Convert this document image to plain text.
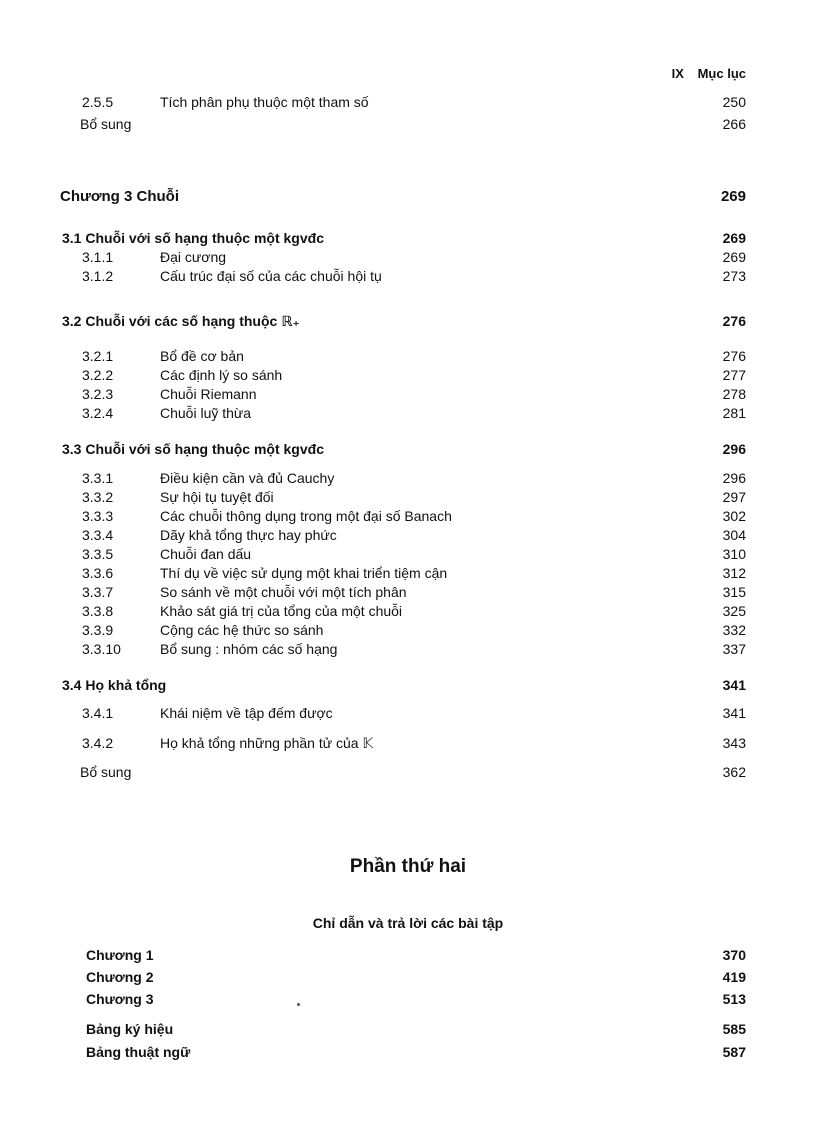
IX Mục lục
2.5.5	Tích phân phụ thuộc một tham số	250
Bổ sung	266
Chương 3 Chuỗi	269
3.1 Chuỗi với số hạng thuộc một kgvđc	269
3.1.1	Đại cương	269
3.1.2	Cấu trúc đại số của các chuỗi hội tụ	273
3.2 Chuỗi với các số hạng thuộc ℝ₊	276
3.2.1	Bổ đề cơ bản	276
3.2.2	Các định lý so sánh	277
3.2.3	Chuỗi Riemann	278
3.2.4	Chuỗi luỹ thừa	281
3.3 Chuỗi với số hạng thuộc một kgvđc	296
3.3.1	Điều kiện cần và đủ Cauchy	296
3.3.2	Sự hội tụ tuyệt đối	297
3.3.3	Các chuỗi thông dụng trong một đại số Banach	302
3.3.4	Dãy khả tổng thực hay phức	304
3.3.5	Chuỗi đan dấu	310
3.3.6	Thí dụ về việc sử dụng một khai triển tiệm cận	312
3.3.7	So sánh về một chuỗi với một tích phân	315
3.3.8	Khảo sát giá trị của tổng của một chuỗi	325
3.3.9	Cộng các hệ thức so sánh	332
3.3.10	Bổ sung : nhóm các số hạng	337
3.4 Họ khả tổng	341
3.4.1	Khái niệm về tập đếm được	341
3.4.2	Họ khả tổng những phần tử của 𝕂	343
Bổ sung	362
Phần thứ hai
Chỉ dẫn và trả lời các bài tập
Chương 1	370
Chương 2	419
Chương 3	513
Bảng ký hiệu	585
Bảng thuật ngữ	587
